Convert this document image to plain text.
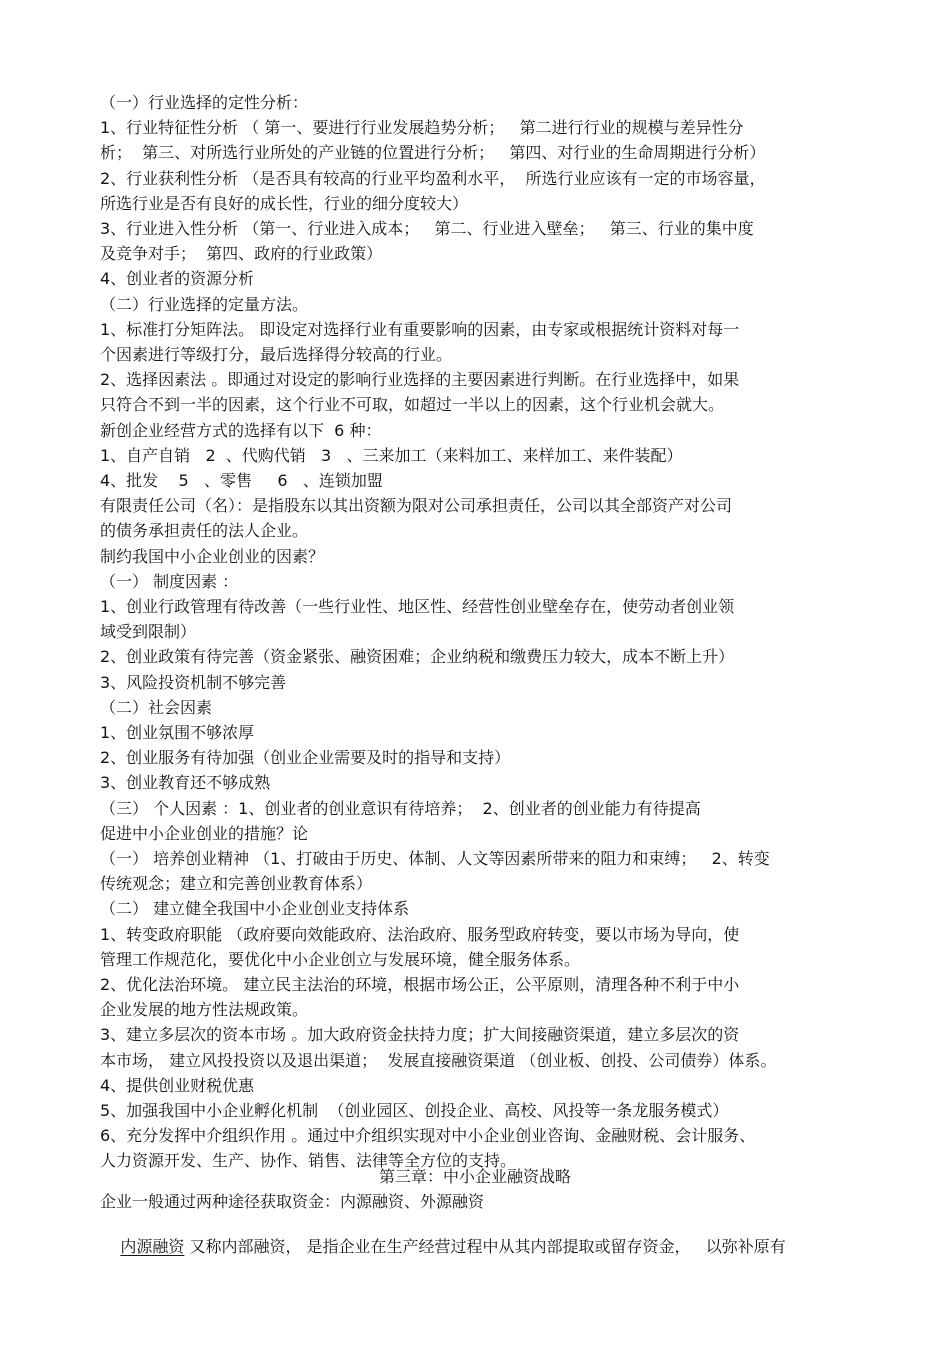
（一）行业选择的定性分析：
1、行业特征性分析 （ 第一、要进行行业发展趋势分析；   第二进行行业的规模与差异性分
析；  第三、对所选行业所处的产业链的位置进行分析；   第四、对行业的生命周期进行分析）
2、行业获利性分析 （是否具有较高的行业平均盈利水平，  所选行业应该有一定的市场容量，
所选行业是否有良好的成长性，行业的细分度较大）
3、行业进入性分析 （第一、行业进入成本；   第二、行业进入壁垒；   第三、行业的集中度
及竞争对手；  第四、政府的行业政策）
4、创业者的资源分析
（二）行业选择的定量方法。
1、标准打分矩阵法。 即设定对选择行业有重要影响的因素，由专家或根据统计资料对每一
个因素进行等级打分，最后选择得分较高的行业。
2、选择因素法 。即通过对设定的影响行业选择的主要因素进行判断。在行业选择中，如果
只符合不到一半的因素，这个行业不可取，如超过一半以上的因素，这个行业机会就大。
新创企业经营方式的选择有以下  6 种：
1、自产自销   2  、代购代销   3   、三来加工（来料加工、来样加工、来件装配）
4、批发    5   、零售     6   、连锁加盟
有限责任公司（名）：是指股东以其出资额为限对公司承担责任，公司以其全部资产对公司
的债务承担责任的法人企业。
制约我国中小企业创业的因素？
（一） 制度因素 ：
1、创业行政管理有待改善（一些行业性、地区性、经营性创业壁垒存在，使劳动者创业领
域受到限制）
2、创业政策有待完善（资金紧张、融资困难；企业纳税和缴费压力较大，成本不断上升）
3、风险投资机制不够完善
（二）社会因素
1、创业氛围不够浓厚
2、创业服务有待加强（创业企业需要及时的指导和支持）
3、创业教育还不够成熟
（三） 个人因素 ：1、创业者的创业意识有待培养；  2、创业者的创业能力有待提高
促进中小企业创业的措施？论
（一） 培养创业精神 （1、打破由于历史、体制、人文等因素所带来的阻力和束缚；   2、转变
传统观念；建立和完善创业教育体系）
（二） 建立健全我国中小企业创业支持体系
1、转变政府职能 （政府要向效能政府、法治政府、服务型政府转变，要以市场为导向，使
管理工作规范化，要优化中小企业创立与发展环境，健全服务体系。
2、优化法治环境。 建立民主法治的环境，根据市场公正，公平原则，清理各种不利于中小
企业发展的地方性法规政策。
3、建立多层次的资本市场 。加大政府资金扶持力度；扩大间接融资渠道，建立多层次的资
本市场， 建立风投投资以及退出渠道；  发展直接融资渠道 （创业板、创投、公司债券）体系。
4、提供创业财税优惠
5、加强我国中小企业孵化机制  （创业园区、创投企业、高校、风投等一条龙服务模式）
6、充分发挥中介组织作用 。通过中介组织实现对中小企业创业咨询、金融财税、会计服务、
人力资源开发、生产、协作、销售、法律等全方位的支持。
第三章：中小企业融资战略
企业一般通过两种途径获取资金：内源融资、外源融资

内源融资 又称内部融资， 是指企业在生产经营过程中从其内部提取或留存资金，   以弥补原有
